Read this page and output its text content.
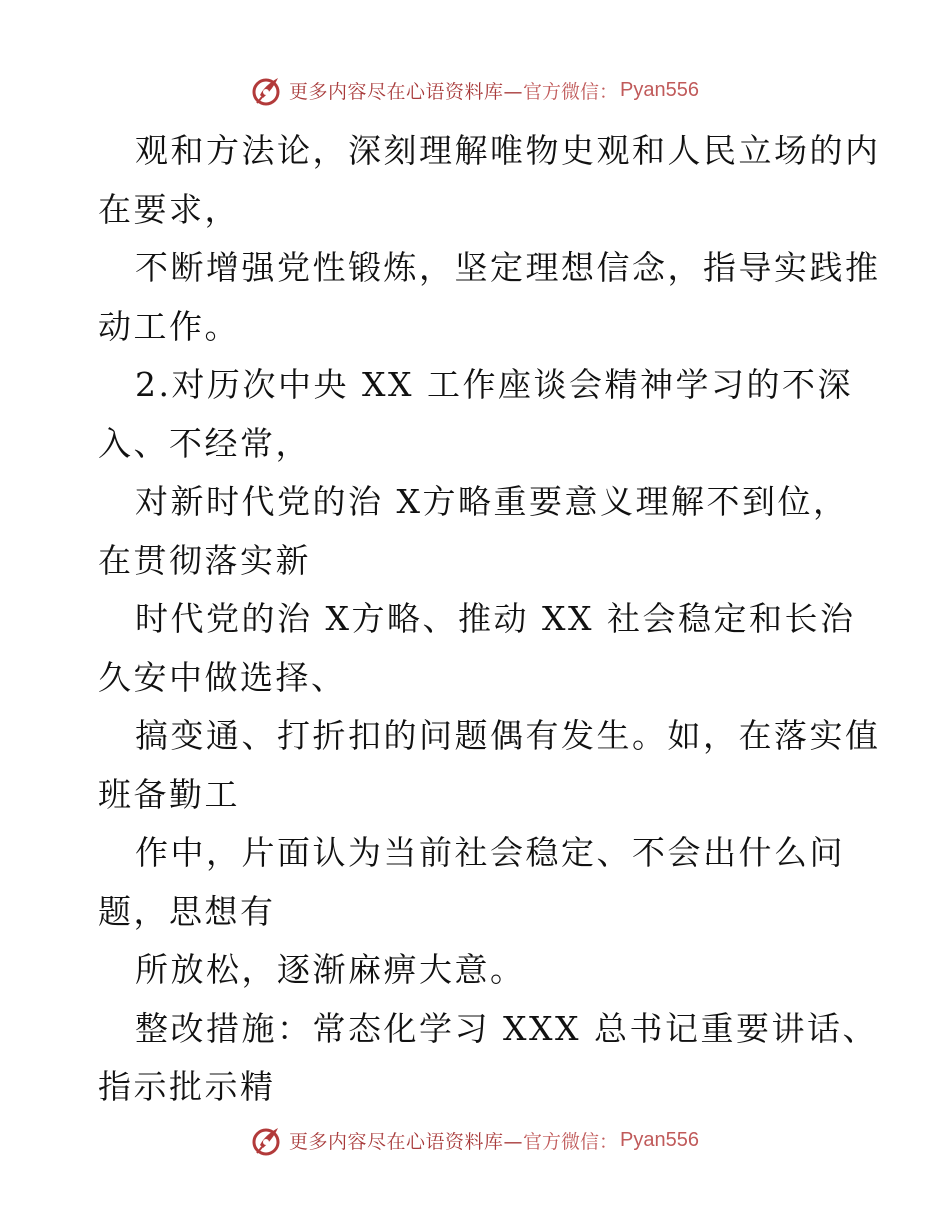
更多内容尽在心语资料库— 官方微信： Pyan556
观和方法论，深刻理解唯物史观和人民立场的内
在要求，
不断增强党性锻炼，坚定理想信念，指导实践推
动工作。
2.对历次中央 XX 工作座谈会精神学习的不深
入、不经常，
对新时代党的治 X方略重要意义理解不到位，
在贯彻落实新
时代党的治 X方略、推动 XX 社会稳定和长治
久安中做选择、
搞变通、打折扣的问题偶有发生。如，在落实值
班备勤工
作中，片面认为当前社会稳定、不会出什么问
题，思想有
所放松，逐渐麻痹大意。
整改措施：常态化学习 XXX 总书记重要讲话、
指示批示精
更多内容尽在心语资料库— 官方微信： Pyan556
